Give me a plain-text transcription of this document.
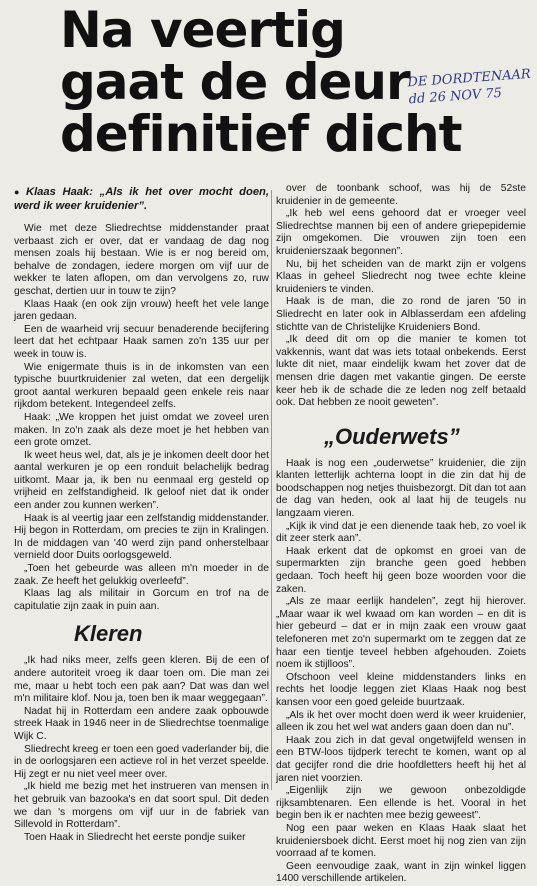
Na veertig
gaat de deur
definitief dicht
DE DORDTENAAR
dd 26 NOV 75

● Klaas Haak: „Als ik het over mocht doen, werd ik weer kruidenier”.

Wie met deze Sliedrechtse middenstander praat verbaast zich er over, dat er vandaag de dag nog mensen zoals hij bestaan. Wie is er nog bereid om, behalve de zondagen, iedere morgen om vijf uur de wekker te laten aflopen, om dan vervolgens zo, ruw geschat, dertien uur in touw te zijn?

Klaas Haak (en ook zijn vrouw) heeft het vele lange jaren gedaan.

Een de waarheid vrij secuur benaderende becijfering leert dat het echtpaar Haak samen zo'n 135 uur per week in touw is.

Wie enigermate thuis is in de inkomsten van een typische buurtkruidenier zal weten, dat een dergelijk groot aantal werkuren bepaald geen enkele reis naar rijkdom betekent. Integendeel zelfs.

Haak: „We kroppen het juist omdat we zoveel uren maken. In zo'n zaak als deze moet je het hebben van een grote omzet.

Ik weet heus wel, dat, als je je inkomen deelt door het aantal werkuren je op een ronduit belachelijk bedrag uitkomt. Maar ja, ik ben nu eenmaal erg gesteld op vrijheid en zelfstandigheid. Ik geloof niet dat ik onder een ander zou kunnen werken”.

Haak is al veertig jaar een zelfstandig middenstander. Hij begon in Rotterdam, om precies te zijn in Kralingen. In de middagen van '40 werd zijn pand onherstelbaar vernield door Duits oorlogsgeweld.

„Toen het gebeurde was alleen m'n moeder in de zaak. Ze heeft het gelukkig overleefd”.

Klaas lag als militair in Gorcum en trof na de capitulatie zijn zaak in puin aan.

Kleren

„Ik had niks meer, zelfs geen kleren. Bij de een of andere autoriteit vroeg ik daar toen om. Die man zei me, maar u hebt toch een pak aan? Dat was dan wel m'n militaire klof. Nou ja, toen ben ik maar weggegaan”.

Nadat hij in Rotterdam een andere zaak opbouwde streek Haak in 1946 neer in de Sliedrechtse toenmalige Wijk C.

Sliedrecht kreeg er toen een goed vaderlander bij, die in de oorlogsjaren een actieve rol in het verzet speelde. Hij zegt er nu niet veel meer over.

„Ik hield me bezig met het instrueren van mensen in het gebruik van bazooka's en dat soort spul. Dit deden we dan 's morgens om vijf uur in de fabriek van Sillevold in Rotterdam”.

Toen Haak in Sliedrecht het eerste pondje suiker

over de toonbank schoof, was hij de 52ste kruidenier in de gemeente.

„Ik heb wel eens gehoord dat er vroeger veel Sliedrechtse mannen bij een of andere griepepidemie zijn omgekomen. Die vrouwen zijn toen een kruidenierszaak begonnen”.

Nu, bij het scheiden van de markt zijn er volgens Klaas in geheel Sliedrecht nog twee echte kleine kruideniers te vinden.

Haak is de man, die zo rond de jaren '50 in Sliedrecht en later ook in Alblasserdam een afdeling stichtte van de Christelijke Kruideniers Bond.

„Ik deed dit om op die manier te komen tot vakkennis, want dat was iets totaal onbekends. Eerst lukte dit niet, maar eindelijk kwam het zover dat de mensen drie dagen met vakantie gingen. De eerste keer heb ik de schade die ze leden nog zelf betaald ook. Dat hebben ze nooit geweten”.

„Ouderwets”

Haak is nog een „ouderwetse” kruidenier, die zijn klanten letterlijk achterna loopt in die zin dat hij de boodschappen nog netjes thuisbezorgt. Dit dan tot aan de dag van heden, ook al laat hij de teugels nu langzaam vieren.

„Kijk ik vind dat je een dienende taak heb, zo voel ik dit zeer sterk aan”.

Haak erkent dat de opkomst en groei van de supermarkten zijn branche geen goed hebben gedaan. Toch heeft hij geen boze woorden voor die zaken.

„Als ze maar eerlijk handelen”, zegt hij hierover. „Maar waar ik wel kwaad om kan worden – en dit is hier gebeurd – dat er in mijn zaak een vrouw gaat telefoneren met zo'n supermarkt om te zeggen dat ze haar een tientje teveel hebben afgehouden. Zoiets noem ik stijlloos”.

Ofschoon veel kleine middenstanders links en rechts het loodje leggen ziet Klaas Haak nog best kansen voor een goed geleide buurtzaak.

„Als ik het over mocht doen werd ik weer kruidenier, alleen ik zou het wel wat anders gaan doen dan nu”.

Haak zou zich in dat geval ongetwijfeld wensen in een BTW-loos tijdperk terecht te komen, want op al dat gecijfer rond die drie hoofdletters heeft hij het al jaren niet voorzien.

„Eigenlijk zijn we gewoon onbezoldigde rijksambtenaren. Een ellende is het. Vooral in het begin ben ik er nachten mee bezig geweest”.

Nog een paar weken en Klaas Haak slaat het kruideniersboek dicht. Eerst moet hij nog zien van zijn voorraad af te komen.

Geen eenvoudige zaak, want in zijn winkel liggen 1400 verschillende artikelen.
